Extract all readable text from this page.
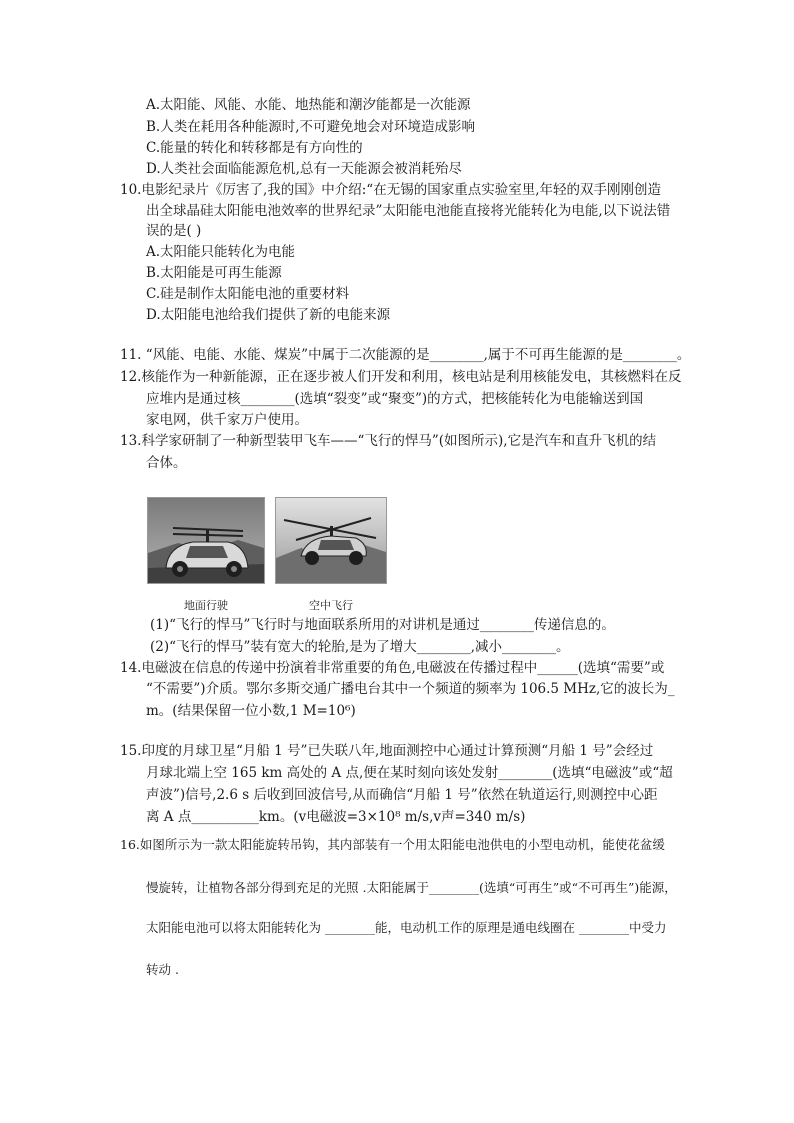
A.太阳能、风能、水能、地热能和潮汐能都是一次能源
B.人类在耗用各种能源时,不可避免地会对环境造成影响
C.能量的转化和转移都是有方向性的
D.人类社会面临能源危机,总有一天能源会被消耗殆尽
10.电影纪录片《厉害了,我的国》中介绍:“在无锡的国家重点实验室里,年轻的双手刚刚创造
出全球晶硅太阳能电池效率的世界纪录”太阳能电池能直接将光能转化为电能,以下说法错
误的是( )
A.太阳能只能转化为电能
B.太阳能是可再生能源
C.硅是制作太阳能电池的重要材料
D.太阳能电池给我们提供了新的电能来源
11. “风能、电能、水能、煤炭”中属于二次能源的是________,属于不可再生能源的是________。
12.核能作为一种新能源，正在逐步被人们开发和利用，核电站是利用核能发电，其核燃料在反
应堆内是通过核________(选填“裂变”或“聚变”)的方式，把核能转化为电能输送到国
家电网，供千家万户使用。
13.科学家研制了一种新型装甲飞车——“飞行的悍马”(如图所示),它是汽车和直升飞机的结
合体。
地面行驶	空中飞行
(1)“飞行的悍马”飞行时与地面联系所用的对讲机是通过________传递信息的。
(2)“飞行的悍马”装有宽大的轮胎,是为了增大________,减小________。
14.电磁波在信息的传递中扮演着非常重要的角色,电磁波在传播过程中______(选填“需要”或
“不需要”)介质。鄂尔多斯交通广播电台其中一个频道的频率为 106.5 MHz,它的波长为_
m。(结果保留一位小数,1 M=10⁶)
15.印度的月球卫星“月船 1 号”已失联八年,地面测控中心通过计算预测“月船 1 号”会经过
月球北端上空 165 km 高处的 A 点,便在某时刻向该处发射________(选填“电磁波”或“超
声波”)信号,2.6 s 后收到回波信号,从而确信“月船 1 号”依然在轨道运行,则测控中心距
离 A 点__________km。(v电磁波=3×10⁸ m/s,v声=340 m/s)
16.如图所示为一款太阳能旋转吊钩，其内部装有一个用太阳能电池供电的小型电动机，能使花盆缓
慢旋转，让植物各部分得到充足的光照 .太阳能属于________(选填“可再生”或“不可再生”)能源，
太阳能电池可以将太阳能转化为 ________能，电动机工作的原理是通电线圈在 ________中受力
转动 .
